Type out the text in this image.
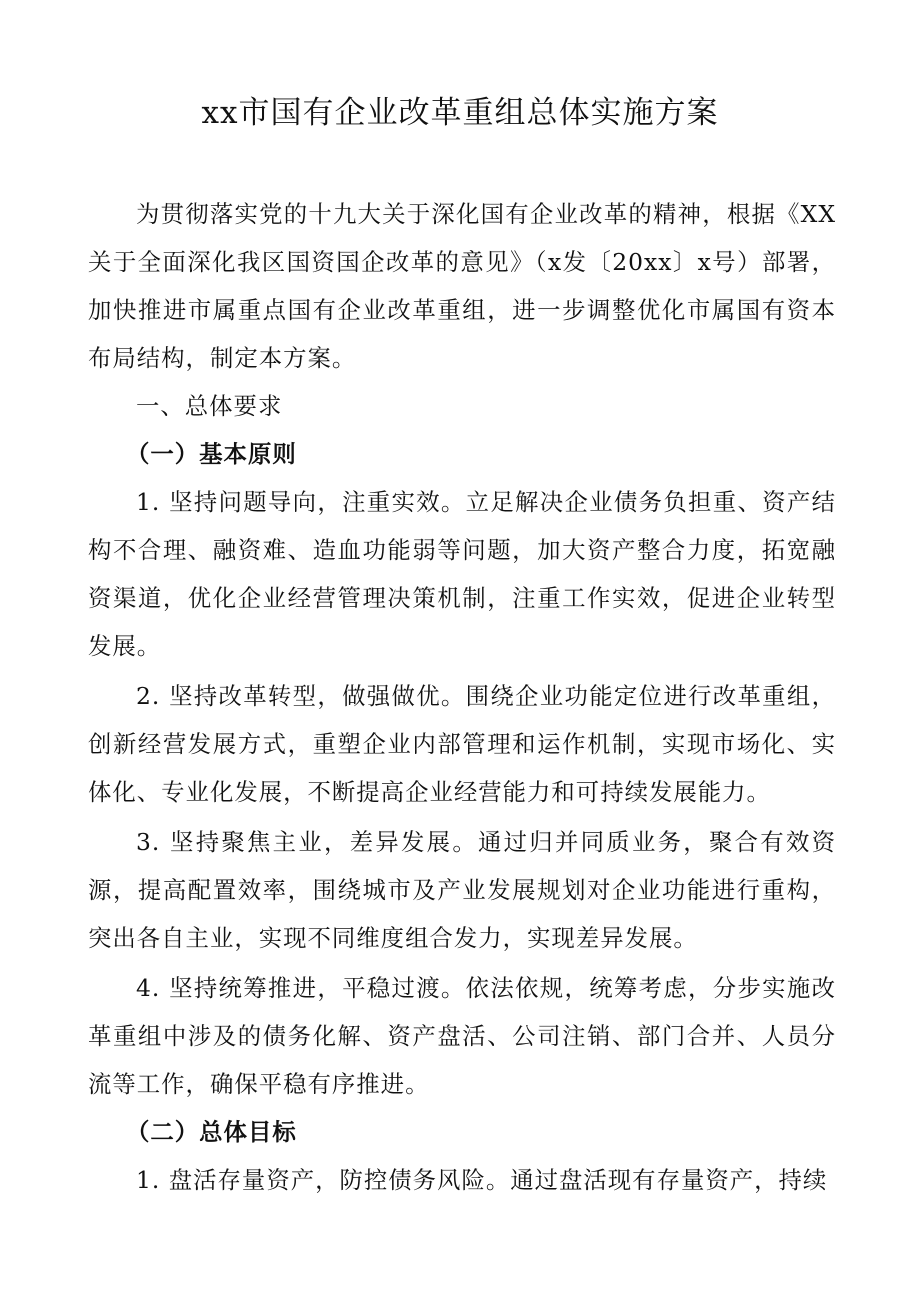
xx市国有企业改革重组总体实施方案

为贯彻落实党的十九大关于深化国有企业改革的精神，根据《XX关于全面深化我区国资国企改革的意见》（x发〔20xx〕x号）部署，加快推进市属重点国有企业改革重组，进一步调整优化市属国有资本布局结构，制定本方案。

一、总体要求

（一）基本原则

1. 坚持问题导向，注重实效。立足解决企业债务负担重、资产结构不合理、融资难、造血功能弱等问题，加大资产整合力度，拓宽融资渠道，优化企业经营管理决策机制，注重工作实效，促进企业转型发展。

2. 坚持改革转型，做强做优。围绕企业功能定位进行改革重组，创新经营发展方式，重塑企业内部管理和运作机制，实现市场化、实体化、专业化发展，不断提高企业经营能力和可持续发展能力。

3. 坚持聚焦主业，差异发展。通过归并同质业务，聚合有效资源，提高配置效率，围绕城市及产业发展规划对企业功能进行重构，突出各自主业，实现不同维度组合发力，实现差异发展。

4. 坚持统筹推进，平稳过渡。依法依规，统筹考虑，分步实施改革重组中涉及的债务化解、资产盘活、公司注销、部门合并、人员分流等工作，确保平稳有序推进。

（二）总体目标

1. 盘活存量资产，防控债务风险。通过盘活现有存量资产，持续
